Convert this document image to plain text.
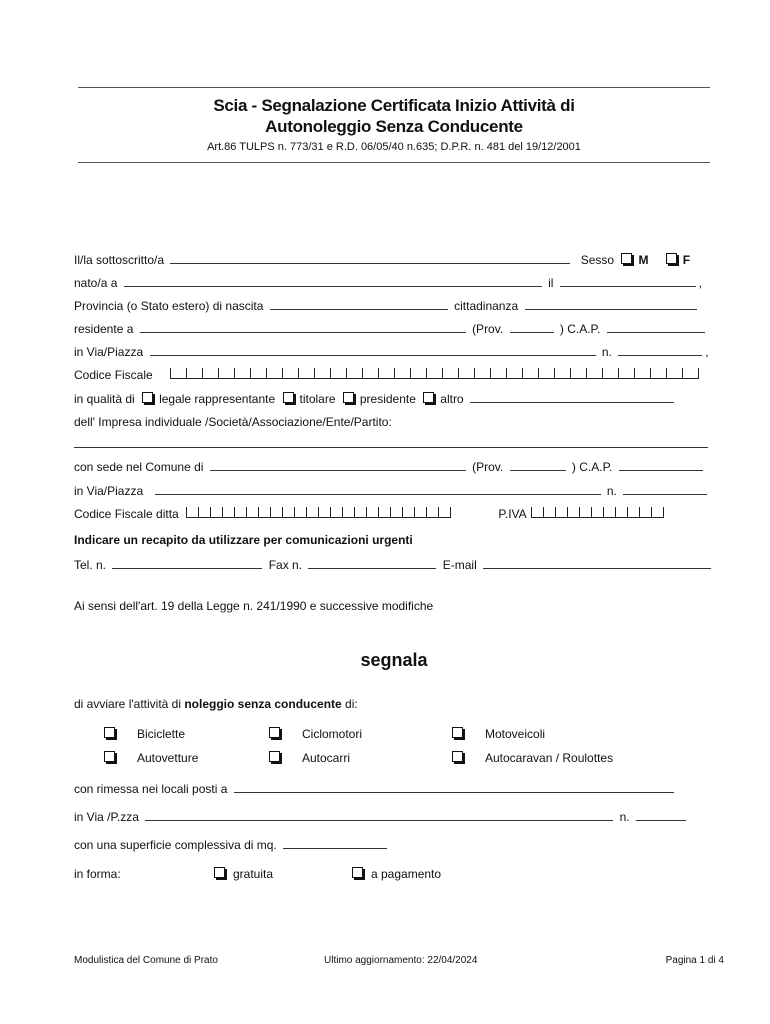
Scia - Segnalazione Certificata Inizio Attività di
Autonoleggio Senza Conducente
Art.86 TULPS n. 773/31 e R.D. 06/05/40 n.635; D.P.R. n. 481 del 19/12/2001
Il/la sottoscritto/a	Sesso M	F
nato/a a	il	,
Provincia (o Stato estero) di nascita	cittadinanza
residente a	(Prov.	) C.A.P.
in Via/Piazza	n.	,
Codice Fiscale
in qualità di legale rappresentante titolare presidente altro
dell' Impresa individuale /Società/Associazione/Ente/Partito:
con sede nel Comune di	(Prov.	) C.A.P.
in Via/Piazza	n.
Codice Fiscale ditta	P.IVA
Indicare un recapito da utilizzare per comunicazioni urgenti
Tel. n.	Fax n.	E-mail
Ai sensi dell'art. 19 della Legge n. 241/1990 e successive modifiche
segnala
di avviare l'attività di noleggio senza conducente di:
Biciclette	Ciclomotori	Motoveicoli
Autovetture	Autocarri	Autocaravan / Roulottes
con rimessa nei locali posti a
in Via /P.zza	n.
con una superficie complessiva di mq.
in forma:	gratuita	a pagamento
Modulistica del Comune di Prato	Ultimo aggiornamento: 22/04/2024	Pagina 1 di 4
